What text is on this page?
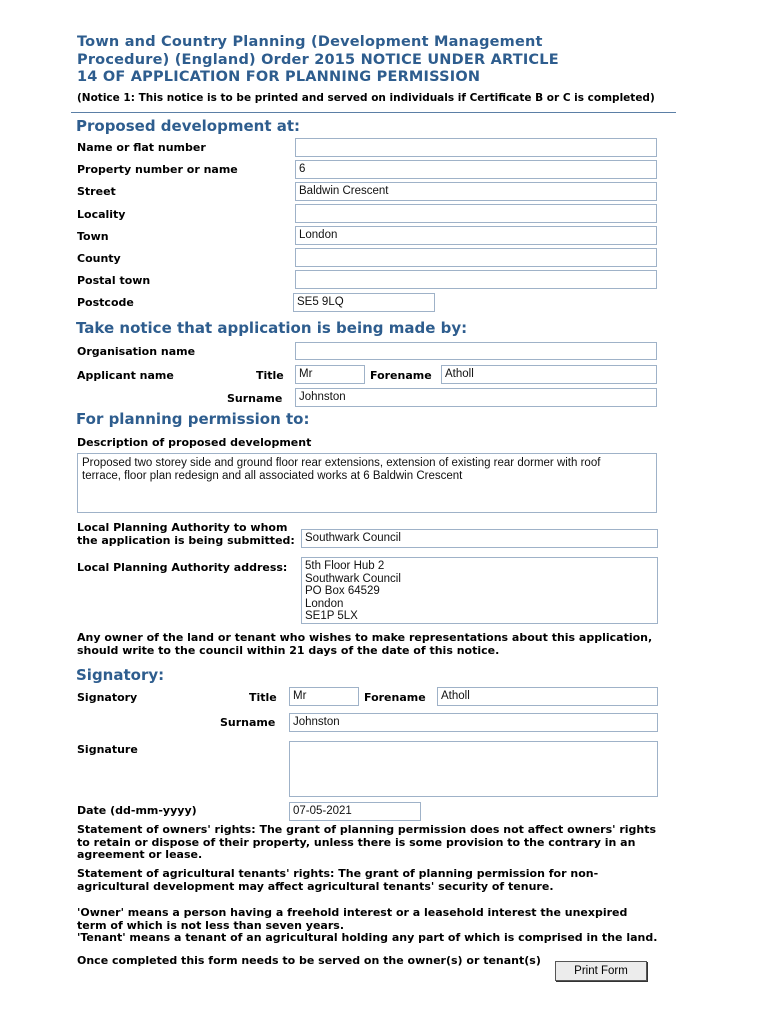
Town and Country Planning (Development Management
Procedure) (England) Order 2015 NOTICE UNDER ARTICLE
14 OF APPLICATION FOR PLANNING PERMISSION
(Notice 1: This notice is to be printed and served on individuals if Certificate B or C is completed)
Proposed development at:
Name or flat number
Property number or name	6
Street	Baldwin Crescent
Locality
Town	London
County
Postal town
Postcode	SE5 9LQ
Take notice that application is being made by:
Organisation name
Applicant name	Title	Mr	Forename	Atholl
Surname	Johnston
For planning permission to:
Description of proposed development
Proposed two storey side and ground floor rear extensions, extension of existing rear dormer with roof
terrace, floor plan redesign and all associated works at 6 Baldwin Crescent
Local Planning Authority to whom
the application is being submitted: Southwark Council
Local Planning Authority address:	5th Floor Hub 2
Southwark Council
PO Box 64529
London
SE1P 5LX
Any owner of the land or tenant who wishes to make representations about this application,
should write to the council within 21 days of the date of this notice.
Signatory:
Signatory	Title	Mr	Forename	Atholl
Surname	Johnston
Signature
Date (dd-mm-yyyy)	07-05-2021
Statement of owners' rights: The grant of planning permission does not affect owners' rights
to retain or dispose of their property, unless there is some provision to the contrary in an
agreement or lease.
Statement of agricultural tenants' rights: The grant of planning permission for non-
agricultural development may affect agricultural tenants' security of tenure.
'Owner' means a person having a freehold interest or a leasehold interest the unexpired
term of which is not less than seven years.
'Tenant' means a tenant of an agricultural holding any part of which is comprised in the land.
Once completed this form needs to be served on the owner(s) or tenant(s)
Print Form
